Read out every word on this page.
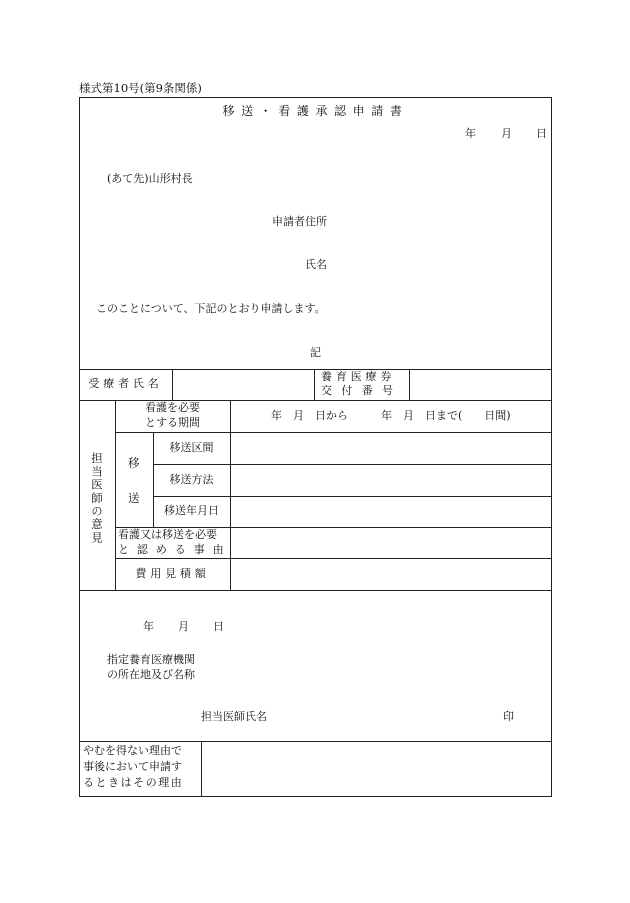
様式第10号(第9条関係)
移送・看護承認申請書
年 月 日
(あて先)山形村長
申請者住所
氏名
このことについて、下記のとおり申請します。
記
受療者氏名
養育医療券
交付番号
担当医師の意見
看護を必要
とする期間
年　月　日から　　　年　月　日まで(　　日間)
移
送
移送区間
移送方法
移送年月日
看護又は移送を必要
と認める事由
費用見積額
年 月 日
指定養育医療機関
の所在地及び名称
担当医師氏名	印
やむを得ない理由で
事後において申請す
るときはその理由
